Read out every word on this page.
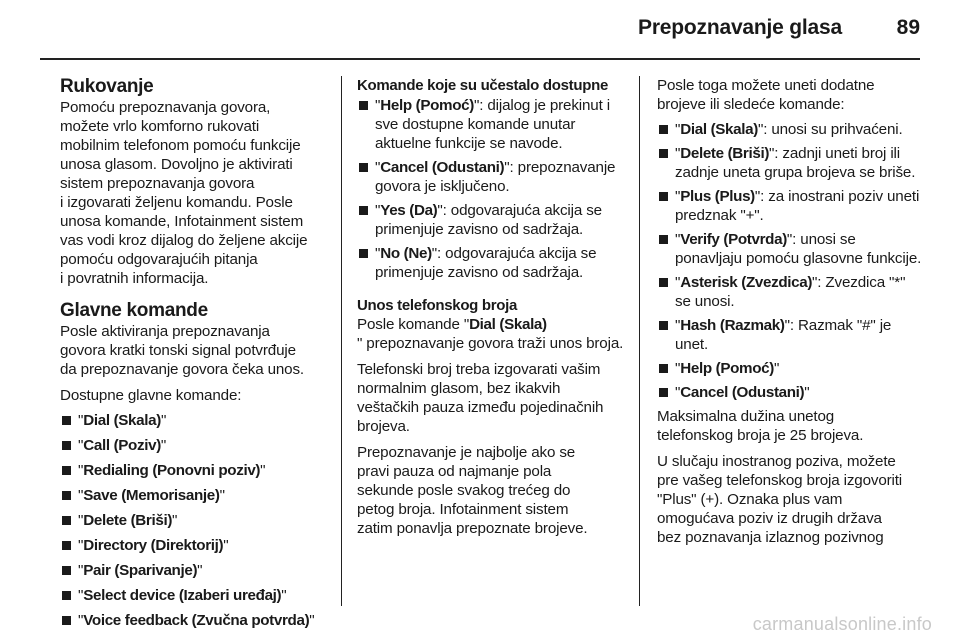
Prepoznavanje glasa	89
Rukovanje

Pomoću prepoznavanja govora,
možete vrlo komforno rukovati
mobilnim telefonom pomoću funkcije
unosa glasom. Dovoljno je aktivirati
sistem prepoznavanja govora
i izgovarati željenu komandu. Posle
unosa komande, Infotainment sistem
vas vodi kroz dijalog do željene akcije
pomoću odgovarajućih pitanja
i povratnih informacija.

Glavne komande

Posle aktiviranja prepoznavanja
govora kratki tonski signal potvrđuje
da prepoznavanje govora čeka unos.

Dostupne glavne komande:

"Dial (Skala)"
"Call (Poziv)"
"Redialing (Ponovni poziv)"
"Save (Memorisanje)"
"Delete (Briši)"
"Directory (Direktorij)"
"Pair (Sparivanje)"
"Select device (Izaberi uređaj)"
"Voice feedback (Zvučna potvrda)"
Komande koje su učestalo dostupne
"Help (Pomoć)": dijalog je prekinut i sve dostupne komande unutar aktuelne funkcije se navode.
"Cancel (Odustani)": prepoznavanje govora je isključeno.
"Yes (Da)": odgovarajuća akcija se primenjuje zavisno od sadržaja.
"No (Ne)": odgovarajuća akcija se primenjuje zavisno od sadržaja.
Unos telefonskog broja

Posle komande "Dial (Skala)
" prepoznavanje govora traži unos broja.

Telefonski broj treba izgovarati vašim
normalnim glasom, bez ikakvih
veštačkih pauza između pojedinačnih
brojeva.

Prepoznavanje je najbolje ako se
pravi pauza od najmanje pola
sekunde posle svakog trećeg do
petog broja. Infotainment sistem
zatim ponavlja prepoznate brojeve.

Posle toga možete uneti dodatne
brojeve ili sledeće komande:

"Dial (Skala)": unosi su prihvaćeni.
"Delete (Briši)": zadnji uneti broj ili zadnje uneta grupa brojeva se briše.
"Plus (Plus)": za inostrani poziv uneti predznak "+".
"Verify (Potvrda)": unosi se ponavljaju pomoću glasovne funkcije.
"Asterisk (Zvezdica)": Zvezdica "*" se unosi.
"Hash (Razmak)": Razmak "#" je unet.
"Help (Pomoć)"
"Cancel (Odustani)"

Maksimalna dužina unetog
telefonskog broja je 25 brojeva.

U slučaju inostranog poziva, možete
pre vašeg telefonskog broja izgovoriti
"Plus" (+). Oznaka plus vam
omogućava poziv iz drugih država
bez poznavanja izlaznog pozivnog

carmanualsonline.info
